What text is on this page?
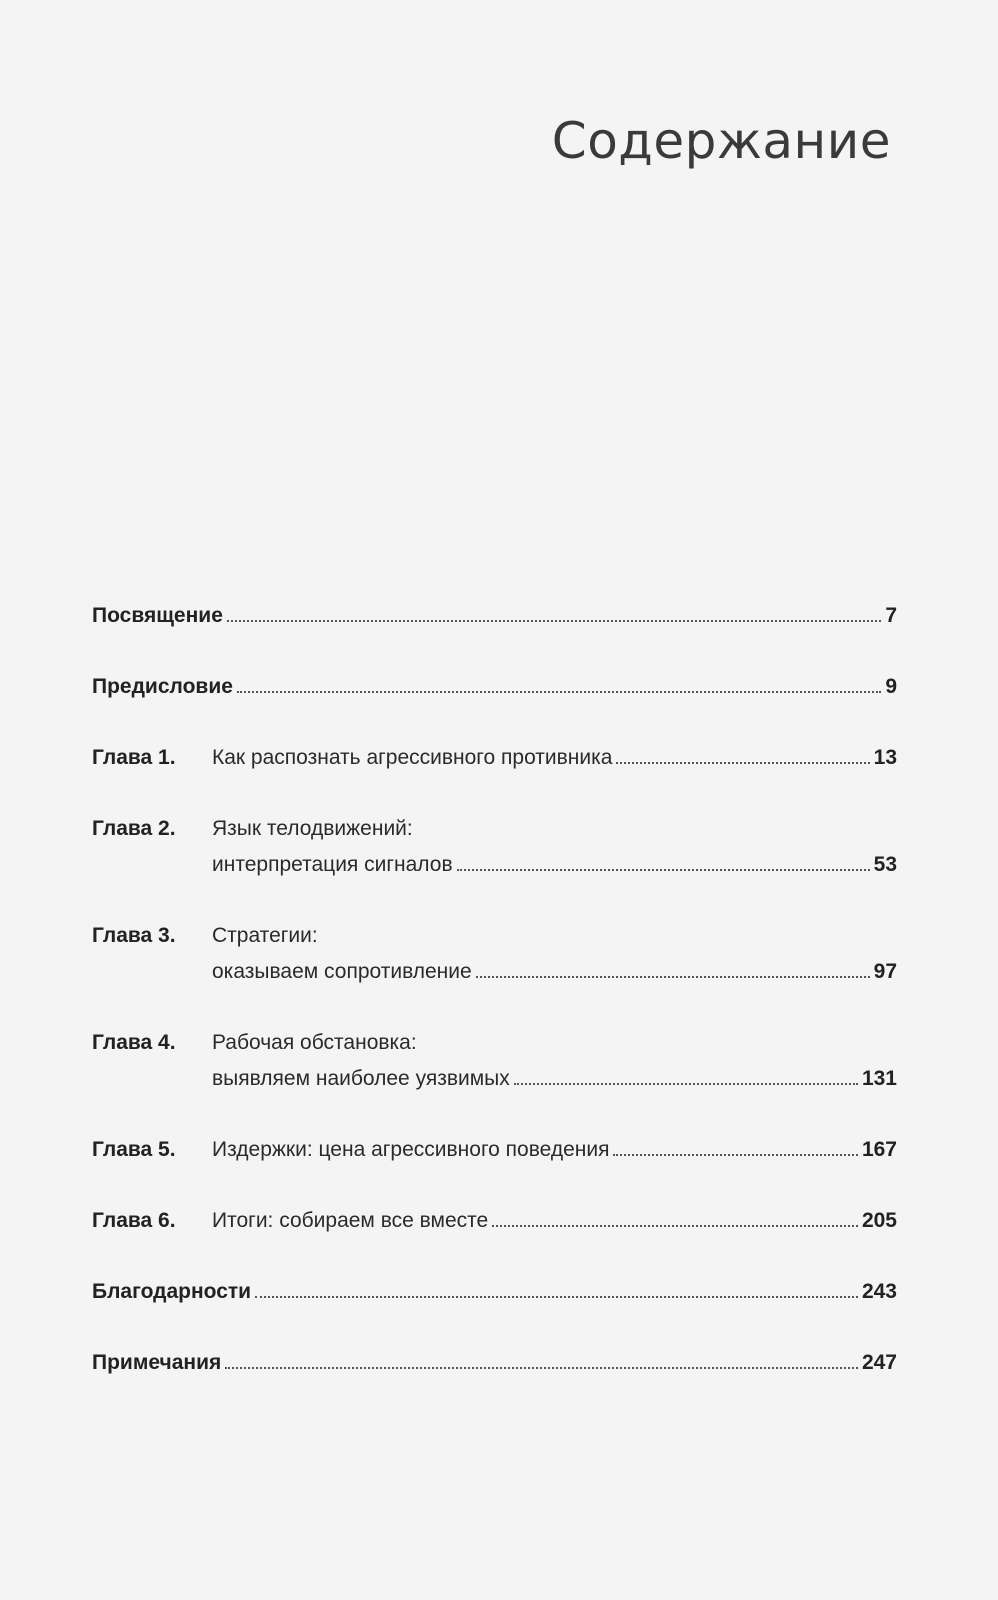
Содержание
Посвящение	7
Предисловие	9
Глава 1.	Как распознать агрессивного противника	13
Глава 2.	Язык телодвижений:
интерпретация сигналов	53
Глава 3.	Стратегии:
оказываем сопротивление	97
Глава 4.	Рабочая обстановка:
выявляем наиболее уязвимых	131
Глава 5.	Издержки: цена агрессивного поведения	167
Глава 6.	Итоги: собираем все вместе	205
Благодарности	243
Примечания	247
